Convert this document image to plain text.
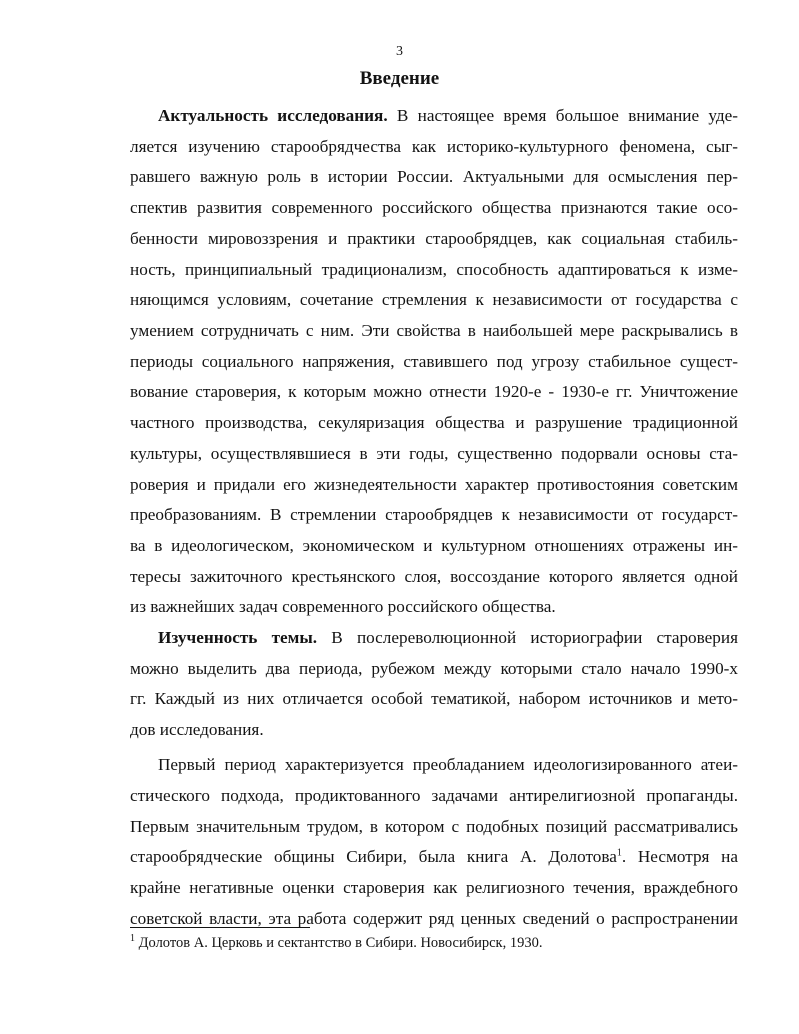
3
Введение
Актуальность исследования. В настоящее время большое внимание уде-
ляется изучению старообрядчества как историко-культурного феномена, сыг-
равшего важную роль в истории России. Актуальными для осмысления пер-
спектив развития современного российского общества признаются такие осо-
бенности мировоззрения и практики старообрядцев, как социальная стабиль-
ность, принципиальный традиционализм, способность адаптироваться к изме-
няющимся условиям, сочетание стремления к независимости от государства с
умением сотрудничать с ним. Эти свойства в наибольшей мере раскрывались в
периоды социального напряжения, ставившего под угрозу стабильное сущест-
вование староверия, к которым можно отнести 1920-е - 1930-е гг. Уничтожение
частного производства, секуляризация общества и разрушение традиционной
культуры, осуществлявшиеся в эти годы, существенно подорвали основы ста-
роверия и придали его жизнедеятельности характер противостояния советским
преобразованиям. В стремлении старообрядцев к независимости от государст-
ва в идеологическом, экономическом и культурном отношениях отражены ин-
тересы зажиточного крестьянского слоя, воссоздание которого является одной
из важнейших задач современного российского общества.
Изученность темы. В послереволюционной историографии староверия
можно выделить два периода, рубежом между которыми стало начало 1990-х
гг. Каждый из них отличается особой тематикой, набором источников и мето-
дов исследования.
Первый период характеризуется преобладанием идеологизированного атеи-
стического подхода, продиктованного задачами антирелигиозной пропаганды.
Первым значительным трудом, в котором с подобных позиций рассматривались
старообрядческие общины Сибири, была книга А. Долотова$^1$. Несмотря на
крайне негативные оценки староверия как религиозного течения, враждебного
советской власти, эта работа содержит ряд ценных сведений о распространении
$^1$ Долотов А. Церковь и сектантство в Сибири. Новосибирск, 1930.
